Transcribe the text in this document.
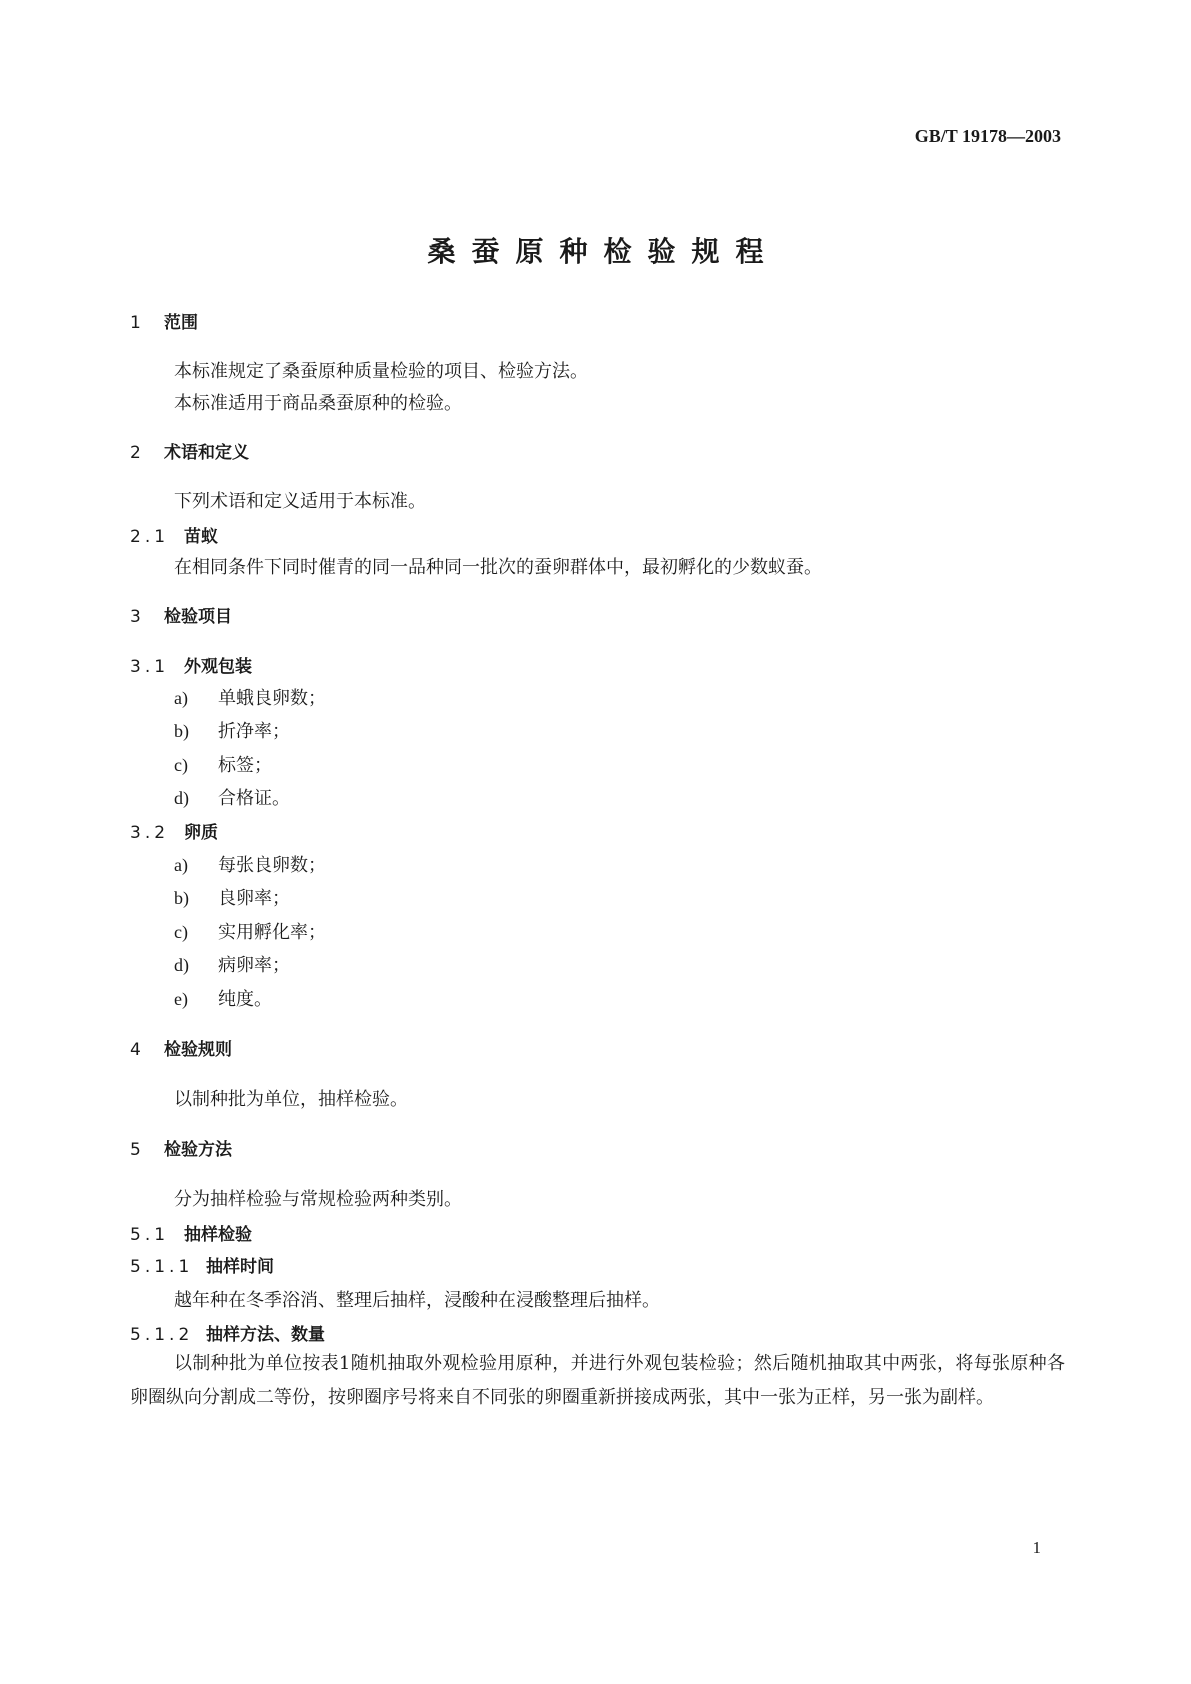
GB/T 19178—2003
桑蚕原种检验规程
1 范围
本标准规定了桑蚕原种质量检验的项目、检验方法。
本标准适用于商品桑蚕原种的检验。
2 术语和定义
下列术语和定义适用于本标准。
2.1 苗蚁
在相同条件下同时催青的同一品种同一批次的蚕卵群体中，最初孵化的少数蚁蚕。
3 检验项目
3.1 外观包装
a) 单蛾良卵数；
b) 折净率；
c) 标签；
d) 合格证。
3.2 卵质
a) 每张良卵数；
b) 良卵率；
c) 实用孵化率；
d) 病卵率；
e) 纯度。
4 检验规则
以制种批为单位，抽样检验。
5 检验方法
分为抽样检验与常规检验两种类别。
5.1 抽样检验
5.1.1 抽样时间
越年种在冬季浴消、整理后抽样，浸酸种在浸酸整理后抽样。
5.1.2 抽样方法、数量
以制种批为单位按表1随机抽取外观检验用原种，并进行外观包装检验；然后随机抽取其中两张，将每张原种各卵圈纵向分割成二等份，按卵圈序号将来自不同张的卵圈重新拼接成两张，其中一张为正样，另一张为副样。
1
